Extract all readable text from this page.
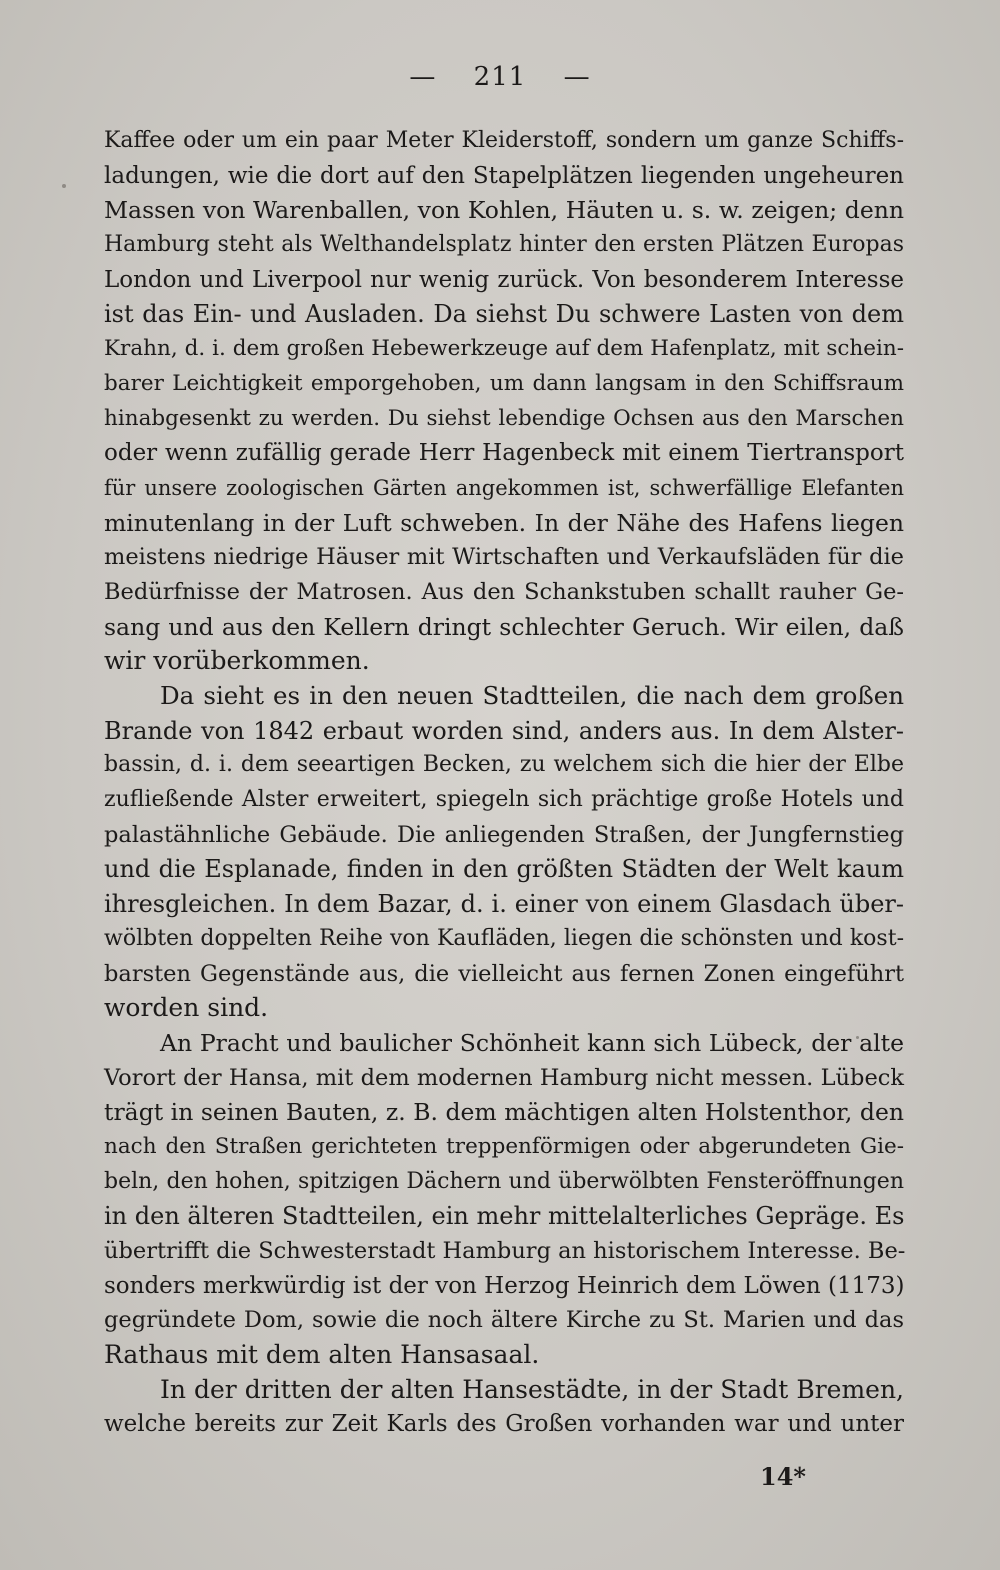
— 211 —

Kaffee oder um ein paar Meter Kleiderstoff, sondern um ganze Schiffs-
ladungen, wie die dort auf den Stapelplätzen liegenden ungeheuren
Massen von Warenballen, von Kohlen, Häuten u. s. w. zeigen; denn
Hamburg steht als Welthandelsplatz hinter den ersten Plätzen Europas
London und Liverpool nur wenig zurück. Von besonderem Interesse
ist das Ein- und Ausladen. Da siehst Du schwere Lasten von dem
Krahn, d. i. dem großen Hebewerkzeuge auf dem Hafenplatz, mit schein-
barer Leichtigkeit emporgehoben, um dann langsam in den Schiffsraum
hinabgesenkt zu werden. Du siehst lebendige Ochsen aus den Marschen
oder wenn zufällig gerade Herr Hagenbeck mit einem Tiertransport
für unsere zoologischen Gärten angekommen ist, schwerfällige Elefanten
minutenlang in der Luft schweben. In der Nähe des Hafens liegen
meistens niedrige Häuser mit Wirtschaften und Verkaufsläden für die
Bedürfnisse der Matrosen. Aus den Schankstuben schallt rauher Ge-
sang und aus den Kellern dringt schlechter Geruch. Wir eilen, daß
wir vorüberkommen.

Da sieht es in den neuen Stadtteilen, die nach dem großen
Brande von 1842 erbaut worden sind, anders aus. In dem Alster-
bassin, d. i. dem seeartigen Becken, zu welchem sich die hier der Elbe
zufließende Alster erweitert, spiegeln sich prächtige große Hotels und
palastähnliche Gebäude. Die anliegenden Straßen, der Jungfernstieg
und die Esplanade, finden in den größten Städten der Welt kaum
ihresgleichen. In dem Bazar, d. i. einer von einem Glasdach über-
wölbten doppelten Reihe von Kaufläden, liegen die schönsten und kost-
barsten Gegenstände aus, die vielleicht aus fernen Zonen eingeführt
worden sind.

An Pracht und baulicher Schönheit kann sich Lübeck, der alte
Vorort der Hansa, mit dem modernen Hamburg nicht messen. Lübeck
trägt in seinen Bauten, z. B. dem mächtigen alten Holstenthor, den
nach den Straßen gerichteten treppenförmigen oder abgerundeten Gie-
beln, den hohen, spitzigen Dächern und überwölbten Fensteröffnungen
in den älteren Stadtteilen, ein mehr mittelalterliches Gepräge. Es
übertrifft die Schwesterstadt Hamburg an historischem Interesse. Be-
sonders merkwürdig ist der von Herzog Heinrich dem Löwen (1173)
gegründete Dom, sowie die noch ältere Kirche zu St. Marien und das
Rathaus mit dem alten Hansasaal.

In der dritten der alten Hansestädte, in der Stadt Bremen,
welche bereits zur Zeit Karls des Großen vorhanden war und unter

14*
